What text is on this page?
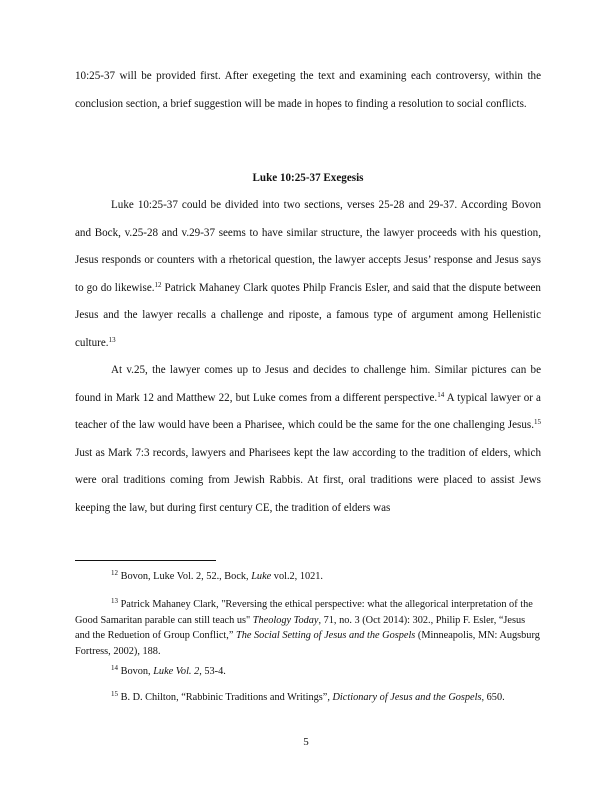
10:25-37 will be provided first. After exegeting the text and examining each controversy, within the conclusion section, a brief suggestion will be made in hopes to finding a resolution to social conflicts.

Luke 10:25-37 Exegesis

Luke 10:25-37 could be divided into two sections, verses 25-28 and 29-37. According Bovon and Bock, v.25-28 and v.29-37 seems to have similar structure, the lawyer proceeds with his question, Jesus responds or counters with a rhetorical question, the lawyer accepts Jesus’ response and Jesus says to go do likewise.$^{12}$ Patrick Mahaney Clark quotes Philp Francis Esler, and said that the dispute between Jesus and the lawyer recalls a challenge and riposte, a famous type of argument among Hellenistic culture.$^{13}$

At v.25, the lawyer comes up to Jesus and decides to challenge him. Similar pictures can be found in Mark 12 and Matthew 22, but Luke comes from a different perspective.$^{14}$ A typical lawyer or a teacher of the law would have been a Pharisee, which could be the same for the one challenging Jesus.$^{15}$ Just as Mark 7:3 records, lawyers and Pharisees kept the law according to the tradition of elders, which were oral traditions coming from Jewish Rabbis. At first, oral traditions were placed to assist Jews keeping the law, but during first century CE, the tradition of elders was

$^{12}$ Bovon, Luke Vol. 2, 52., Bock, Luke vol.2, 1021.

$^{13}$ Patrick Mahaney Clark, "Reversing the ethical perspective: what the allegorical interpretation of the Good Samaritan parable can still teach us" Theology Today, 71, no. 3 (Oct 2014): 302., Philip F. Esler, “Jesus and the Reduetion of Group Conflict,” The Social Setting of Jesus and the Gospels (Minneapolis, MN: Augsburg Fortress, 2002), 188.

$^{14}$ Bovon, Luke Vol. 2, 53-4.

$^{15}$ B. D. Chilton, “Rabbinic Traditions and Writings”, Dictionary of Jesus and the Gospels, 650.

5
